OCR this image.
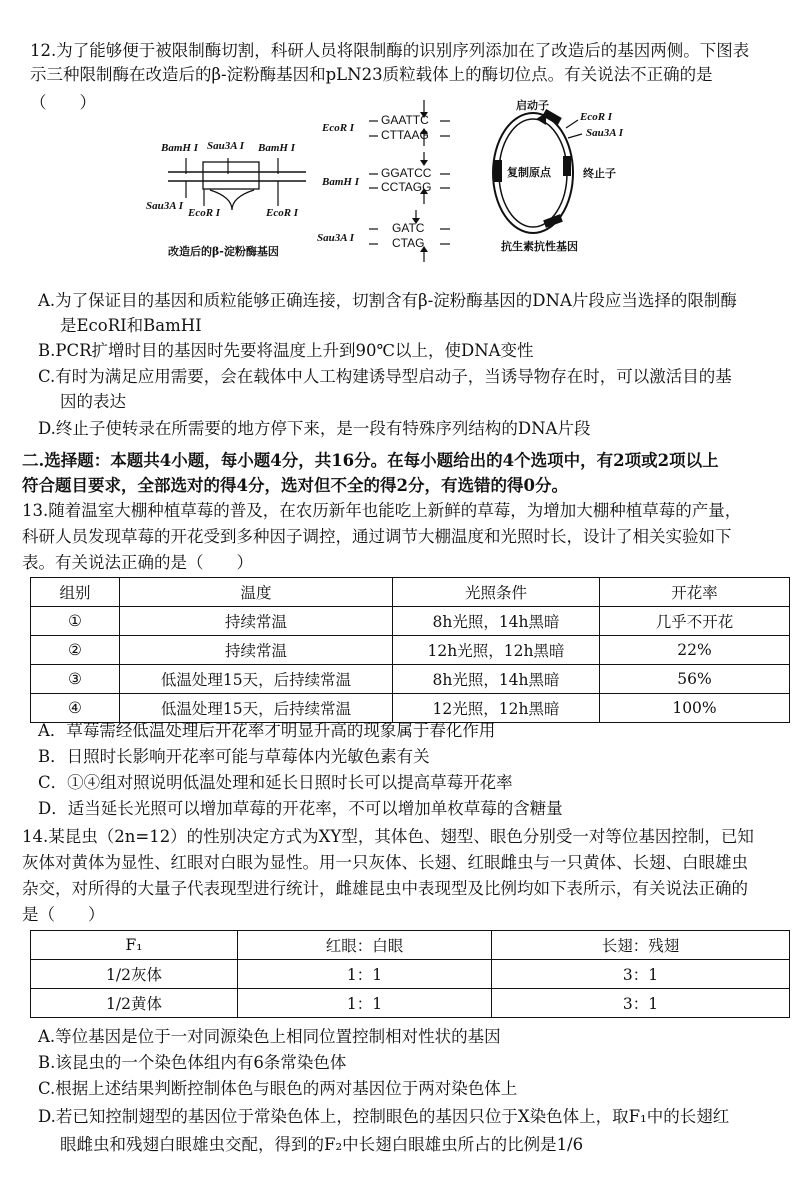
12.为了能够便于被限制酶切割，科研人员将限制酶的识别序列添加在了改造后的基因两侧。下图表
示三种限制酶在改造后的β-淀粉酶基因和pLN23质粒载体上的酶切位点。有关说法不正确的是
（　　）
BamH I Sau3A I BamH I
Sau3A I
EcoR I	EcoR I
改造后的β-淀粉酶基因
EcoR I
GAATTC
CTTAAG
BamH I
GGATCC
CCTAGG
Sau3A I
GATC
CTAG
启动子
EcoR I
Sau3A I
复制原点	终止子
抗生素抗性基因
A.为了保证目的基因和质粒能够正确连接，切割含有β-淀粉酶基因的DNA片段应当选择的限制酶
是EcoRⅠ和BamHⅠ
B.PCR扩增时目的基因时先要将温度上升到90℃以上，使DNA变性
C.有时为满足应用需要，会在载体中人工构建诱导型启动子，当诱导物存在时，可以激活目的基
因的表达
D.终止子使转录在所需要的地方停下来，是一段有特殊序列结构的DNA片段
二.选择题：本题共4小题，每小题4分，共16分。在每小题给出的4个选项中，有2项或2项以上
符合题目要求，全部选对的得4分，选对但不全的得2分，有选错的得0分。
13.随着温室大棚种植草莓的普及，在农历新年也能吃上新鲜的草莓，为增加大棚种植草莓的产量，
科研人员发现草莓的开花受到多种因子调控，通过调节大棚温度和光照时长，设计了相关实验如下
表。有关说法正确的是（　　）
组别	温度	光照条件	开花率
①	持续常温	8h光照，14h黑暗	几乎不开花
②	持续常温	12h光照，12h黑暗	22%
③	低温处理15天，后持续常温	8h光照，14h黑暗	56%
④	低温处理15天，后持续常温	12光照，12h黑暗	100%
A．草莓需经低温处理后开花率才明显升高的现象属于春化作用
B．日照时长影响开花率可能与草莓体内光敏色素有关
C．①④组对照说明低温处理和延长日照时长可以提高草莓开花率
D．适当延长光照可以增加草莓的开花率，不可以增加单枚草莓的含糖量
14.某昆虫（2n=12）的性别决定方式为XY型，其体色、翅型、眼色分别受一对等位基因控制，已知
灰体对黄体为显性、红眼对白眼为显性。用一只灰体、长翅、红眼雌虫与一只黄体、长翅、白眼雄虫
杂交，对所得的大量子代表现型进行统计，雌雄昆虫中表现型及比例均如下表所示，有关说法正确的
是（　　）
F₁	红眼：白眼	长翅：残翅
1/2灰体	1：1	3：1
1/2黄体	1：1	3：1
A.等位基因是位于一对同源染色上相同位置控制相对性状的基因
B.该昆虫的一个染色体组内有6条常染色体
C.根据上述结果判断控制体色与眼色的两对基因位于两对染色体上
D.若已知控制翅型的基因位于常染色体上，控制眼色的基因只位于X染色体上，取F₁中的长翅红
眼雌虫和残翅白眼雄虫交配，得到的F₂中长翅白眼雄虫所占的比例是1/6
